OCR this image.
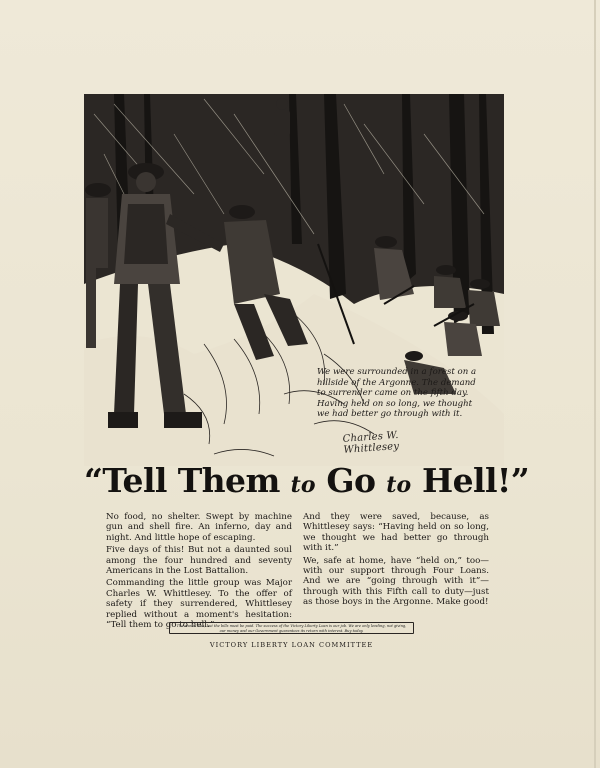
We were surrounded in a forest on a hillside of the Argonne. The demand to surrender came on the fifth day. Having held on so long, we thought we had better go through with it.
Charles W. Whittlesey
“Tell Them to Go to Hell!”

No food, no shelter. Swept by machine gun and shell fire. An inferno, day and night. And little hope of escaping.

Five days of this! But not a daunted soul among the four hundred and seventy Americans in the Lost Battalion.

Commanding the little group was Major Charles W. Whittlesey. To the offer of safety if they surrendered, Whittlesey replied without a moment's hesitation: “Tell them to go to hell.”

And they were saved, because, as Whittlesey says: “Having held on so long, we thought we had better go through with it.”

We, safe at home, have “held on,” too—with our support through Four Loans. And we are “going through with it”—through with this Fifth call to duty—just as those boys in the Argonne. Make good!

The war is won, but the bills must be paid. The success of the Victory Liberty Loan is our job. We are only lending, not giving, our money and our Government guarantees its return with interest. Buy today.
VICTORY LIBERTY LOAN COMMITTEE
